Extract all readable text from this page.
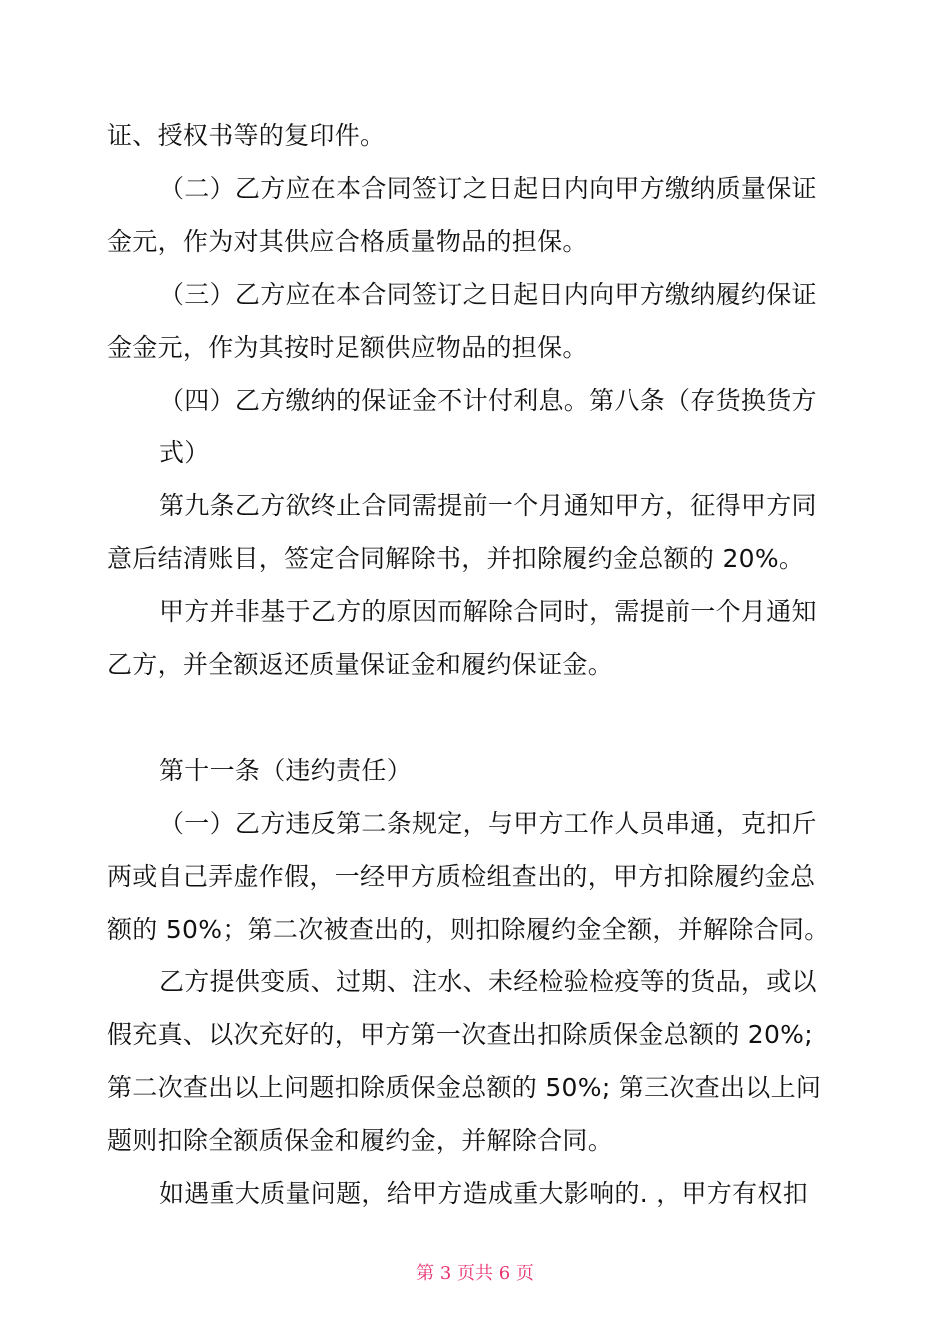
证、授权书等的复印件。
（二）乙方应在本合同签订之日起日内向甲方缴纳质量保证
金元，作为对其供应合格质量物品的担保。
（三）乙方应在本合同签订之日起日内向甲方缴纳履约保证
金金元，作为其按时足额供应物品的担保。
（四）乙方缴纳的保证金不计付利息。第八条（存货换货方
式）
第九条乙方欲终止合同需提前一个月通知甲方，征得甲方同
意后结清账目，签定合同解除书，并扣除履约金总额的 20%。
甲方并非基于乙方的原因而解除合同时，需提前一个月通知
乙方，并全额返还质量保证金和履约保证金。
第十一条（违约责任）
（一）乙方违反第二条规定，与甲方工作人员串通，克扣斤
两或自己弄虚作假，一经甲方质检组查出的，甲方扣除履约金总
额的 50%；第二次被查出的，则扣除履约金全额，并解除合同。
乙方提供变质、过期、注水、未经检验检疫等的货品，或以
假充真、以次充好的，甲方第一次查出扣除质保金总额的 20%;
第二次查出以上问题扣除质保金总额的 50%; 第三次查出以上问
题则扣除全额质保金和履约金，并解除合同。
如遇重大质量问题，给甲方造成重大影响的. ，甲方有权扣
第 3 页共 6 页
